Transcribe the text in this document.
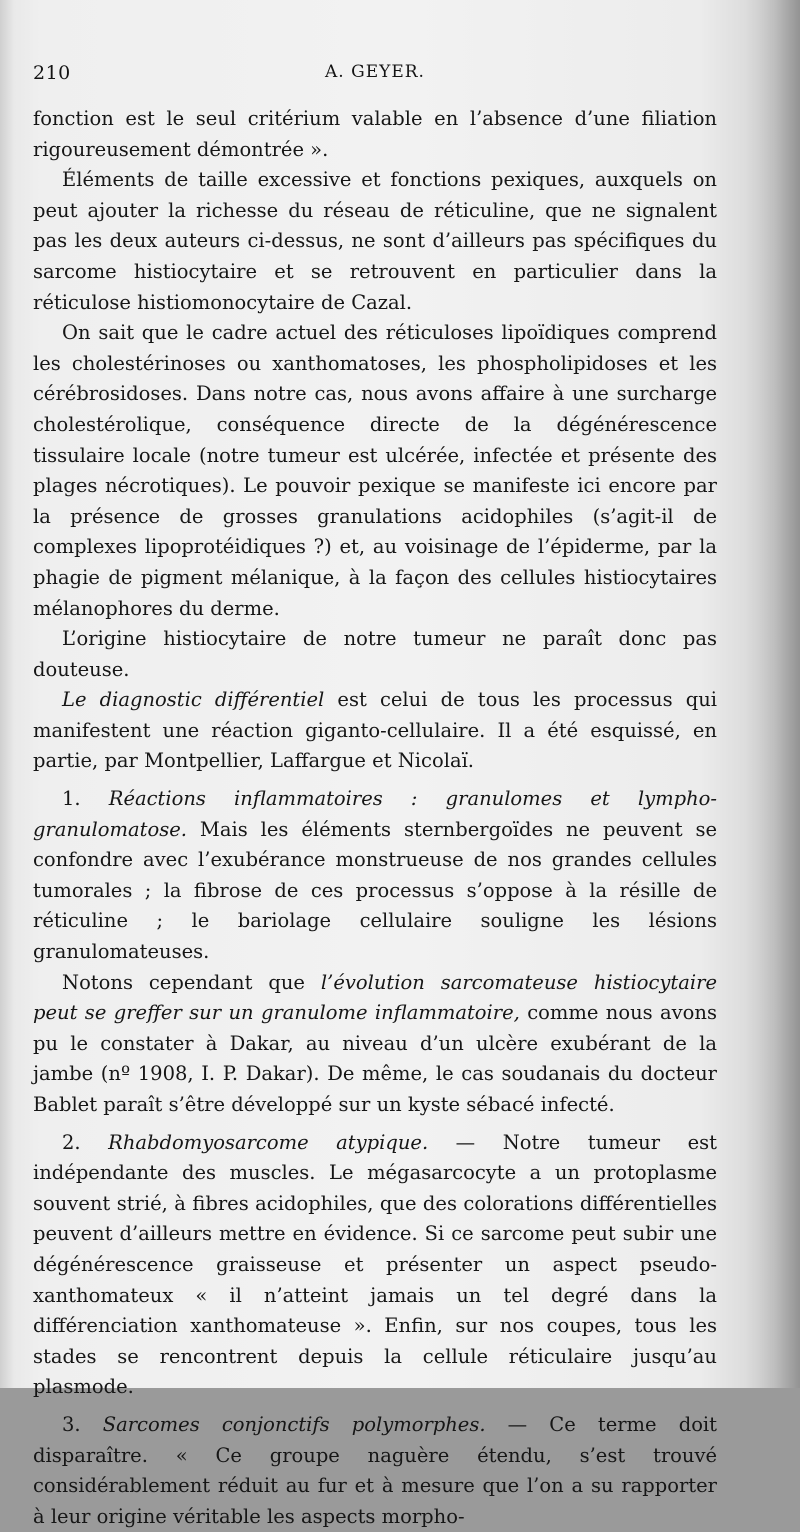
210	A. GEYER.

fonction est le seul critérium valable en l’absence d’une filiation rigoureusement démontrée ».

Éléments de taille excessive et fonctions pexiques, auxquels on peut ajouter la richesse du réseau de réticuline, que ne signalent pas les deux auteurs ci-dessus, ne sont d’ailleurs pas spécifiques du sarcome histiocytaire et se retrouvent en particulier dans la réticulose histiomonocytaire de Cazal.

On sait que le cadre actuel des réticuloses lipoïdiques comprend les cholestérinoses ou xanthomatoses, les phospholipidoses et les cérébrosidoses. Dans notre cas, nous avons affaire à une surcharge cholestérolique, conséquence directe de la dégénérescence tissulaire locale (notre tumeur est ulcérée, infectée et présente des plages nécrotiques). Le pouvoir pexique se manifeste ici encore par la présence de grosses granulations acidophiles (s’agit-il de complexes lipoprotéidiques ?) et, au voisinage de l’épiderme, par la phagie de pigment mélanique, à la façon des cellules histiocytaires mélanophores du derme.

L’origine histiocytaire de notre tumeur ne paraît donc pas douteuse.

Le diagnostic différentiel est celui de tous les processus qui manifestent une réaction giganto-cellulaire. Il a été esquissé, en partie, par Montpellier, Laffargue et Nicolaï.

1. Réactions inflammatoires : granulomes et lympho-granulomatose. Mais les éléments sternbergoïdes ne peuvent se confondre avec l’exubérance monstrueuse de nos grandes cellules tumorales ; la fibrose de ces processus s’oppose à la résille de réticuline ; le bariolage cellulaire souligne les lésions granulomateuses.

Notons cependant que l’évolution sarcomateuse histiocytaire peut se greffer sur un granulome inflammatoire, comme nous avons pu le constater à Dakar, au niveau d’un ulcère exubérant de la jambe (nº 1908, I. P. Dakar). De même, le cas soudanais du docteur Bablet paraît s’être développé sur un kyste sébacé infecté.

2. Rhabdomyosarcome atypique. — Notre tumeur est indépendante des muscles. Le mégasarcocyte a un protoplasme souvent strié, à fibres acidophiles, que des colorations différentielles peuvent d’ailleurs mettre en évidence. Si ce sarcome peut subir une dégénérescence graisseuse et présenter un aspect pseudo-xanthomateux « il n’atteint jamais un tel degré dans la différenciation xanthomateuse ». Enfin, sur nos coupes, tous les stades se rencontrent depuis la cellule réticulaire jusqu’au plasmode.

3. Sarcomes conjonctifs polymorphes. — Ce terme doit disparaître. « Ce groupe naguère étendu, s’est trouvé considérablement réduit au fur et à mesure que l’on a su rapporter à leur origine véritable les aspects morpho-
